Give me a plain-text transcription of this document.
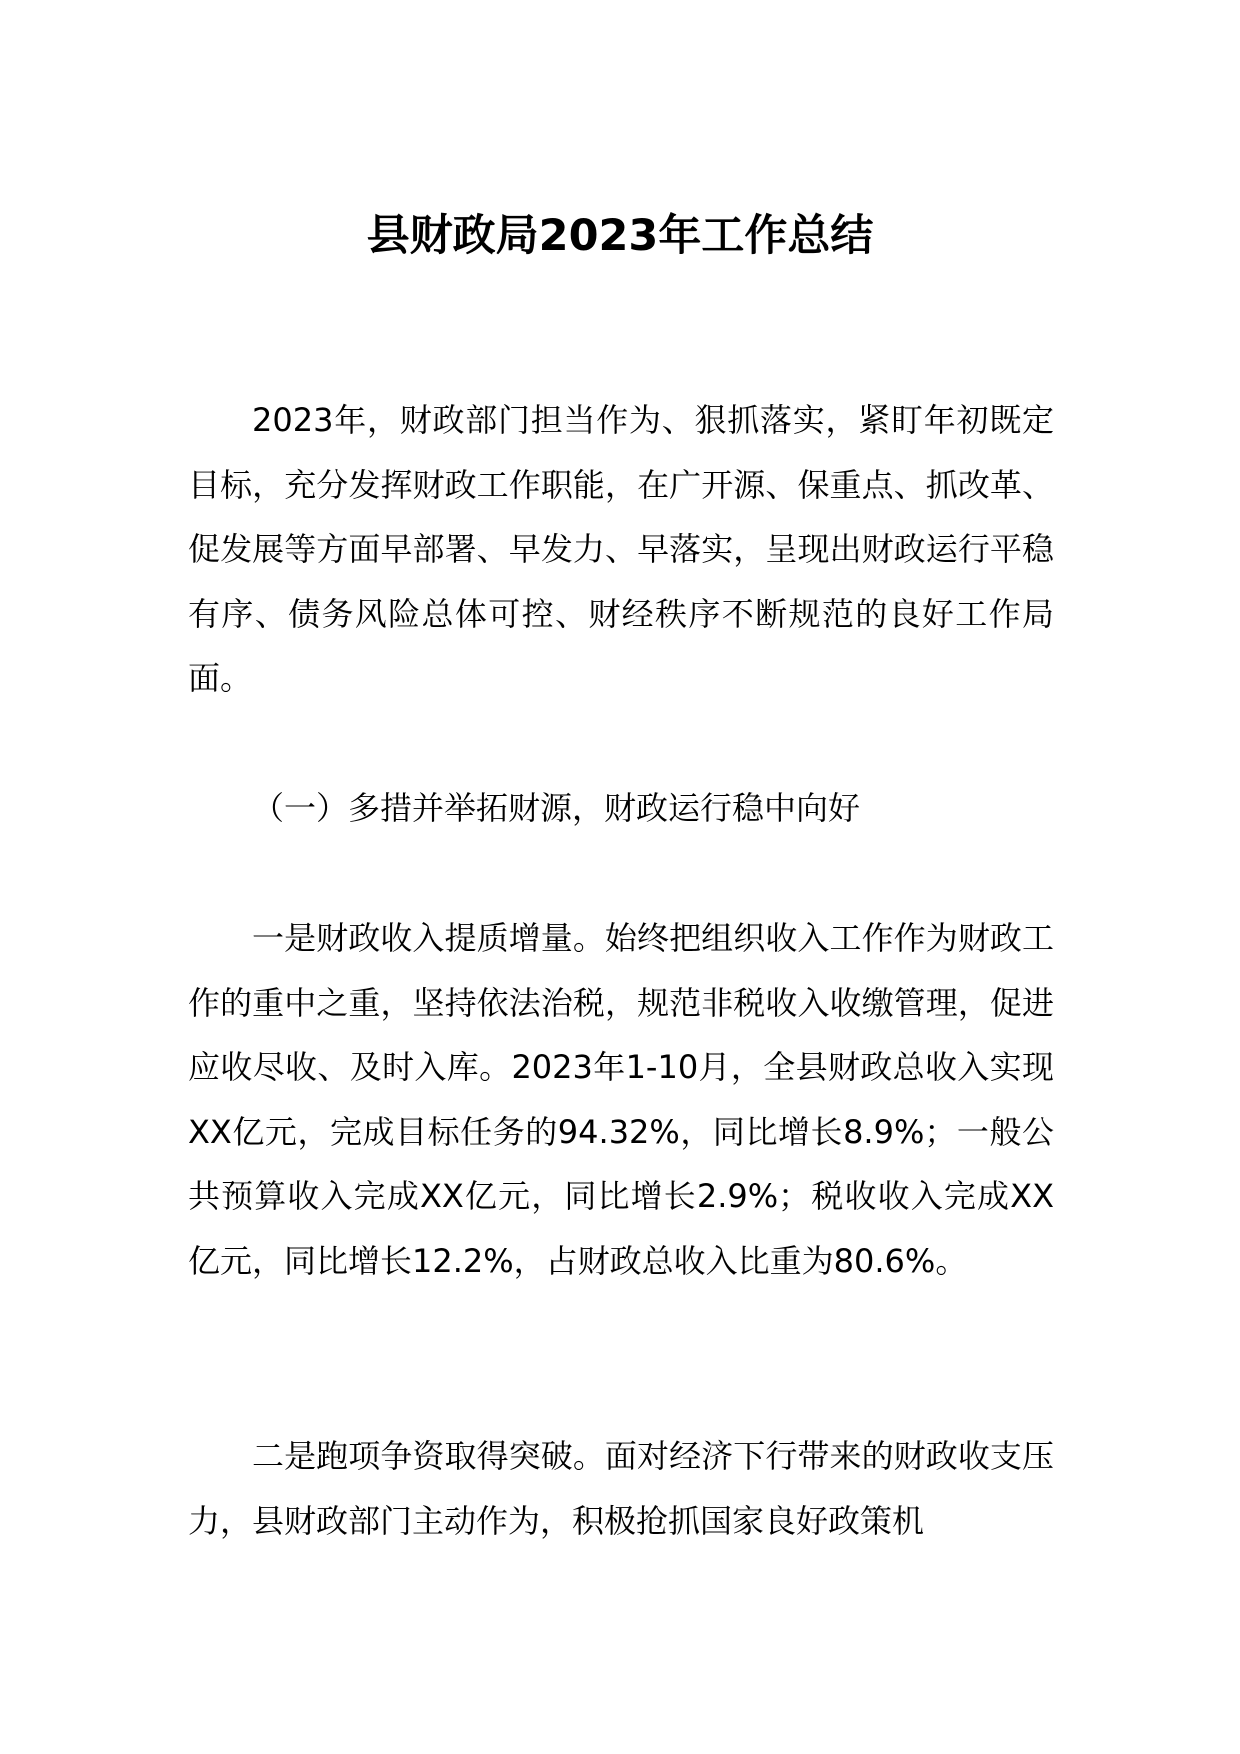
县财政局2023年工作总结
2023年，财政部门担当作为、狠抓落实，紧盯年初既定目标，充分发挥财政工作职能，在广开源、保重点、抓改革、促发展等方面早部署、早发力、早落实，呈现出财政运行平稳有序、债务风险总体可控、财经秩序不断规范的良好工作局面。
（一）多措并举拓财源，财政运行稳中向好
一是财政收入提质增量。始终把组织收入工作作为财政工作的重中之重，坚持依法治税，规范非税收入收缴管理，促进应收尽收、及时入库。2023年1-10月，全县财政总收入实现XX亿元，完成目标任务的94.32%，同比增长8.9%；一般公共预算收入完成XX亿元，同比增长2.9%；税收收入完成XX亿元，同比增长12.2%，占财政总收入比重为80.6%。
二是跑项争资取得突破。面对经济下行带来的财政收支压力，县财政部门主动作为，积极抢抓国家良好政策机
